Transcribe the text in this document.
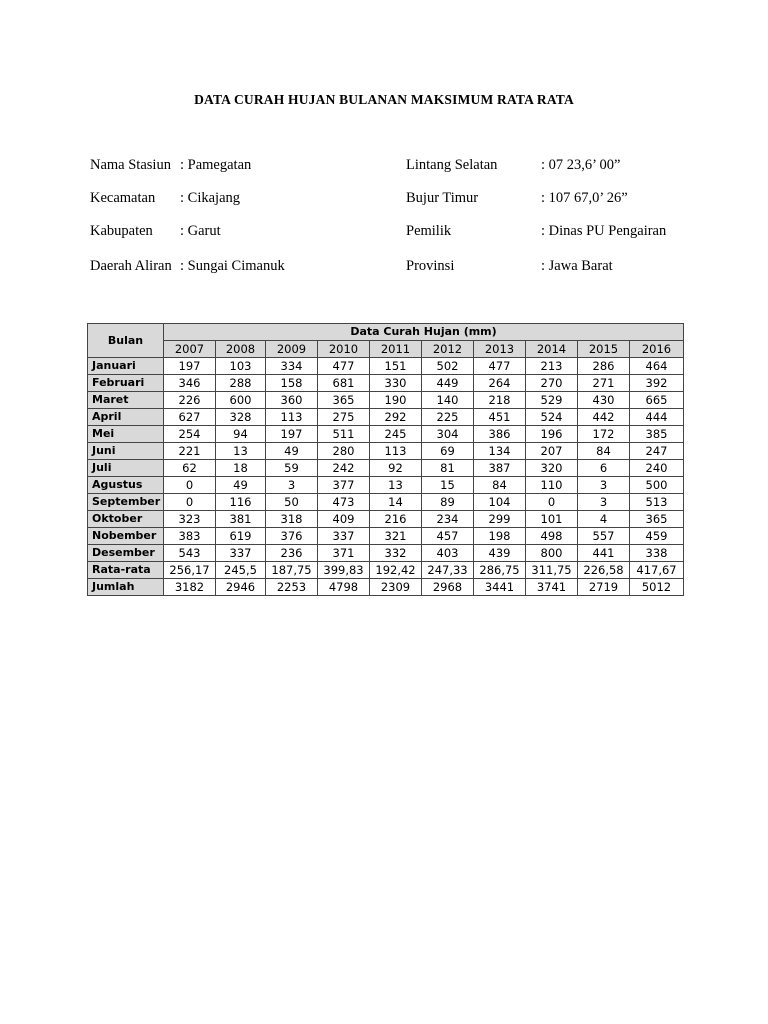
DATA CURAH HUJAN BULANAN MAKSIMUM RATA RATA
Nama Stasiun : Pamegatan
Kecamatan : Cikajang
Kabupaten : Garut
Daerah Aliran : Sungai Cimanuk
Lintang Selatan	: 07 23,6’ 00”
Bujur Timur	: 107 67,0’ 26”
Pemilik	: Dinas PU Pengairan
Provinsi	: Jawa Barat
Bulan	Data Curah Hujan (mm)									
	2007	2008	2009	2010	2011	2012	2013	2014	2015	2016
Januari	197	103	334	477	151	502	477	213	286	464
Februari	346	288	158	681	330	449	264	270	271	392
Maret	226	600	360	365	190	140	218	529	430	665
April	627	328	113	275	292	225	451	524	442	444
Mei	254	94	197	511	245	304	386	196	172	385
Juni	221	13	49	280	113	69	134	207	84	247
Juli	62	18	59	242	92	81	387	320	6	240
Agustus	0	49	3	377	13	15	84	110	3	500
September	0	116	50	473	14	89	104	0	3	513
Oktober	323	381	318	409	216	234	299	101	4	365
Nobember	383	619	376	337	321	457	198	498	557	459
Desember	543	337	236	371	332	403	439	800	441	338
Rata-rata	256,17	245,5	187,75	399,83	192,42	247,33	286,75	311,75	226,58	417,67
Jumlah	3182	2946	2253	4798	2309	2968	3441	3741	2719	5012
